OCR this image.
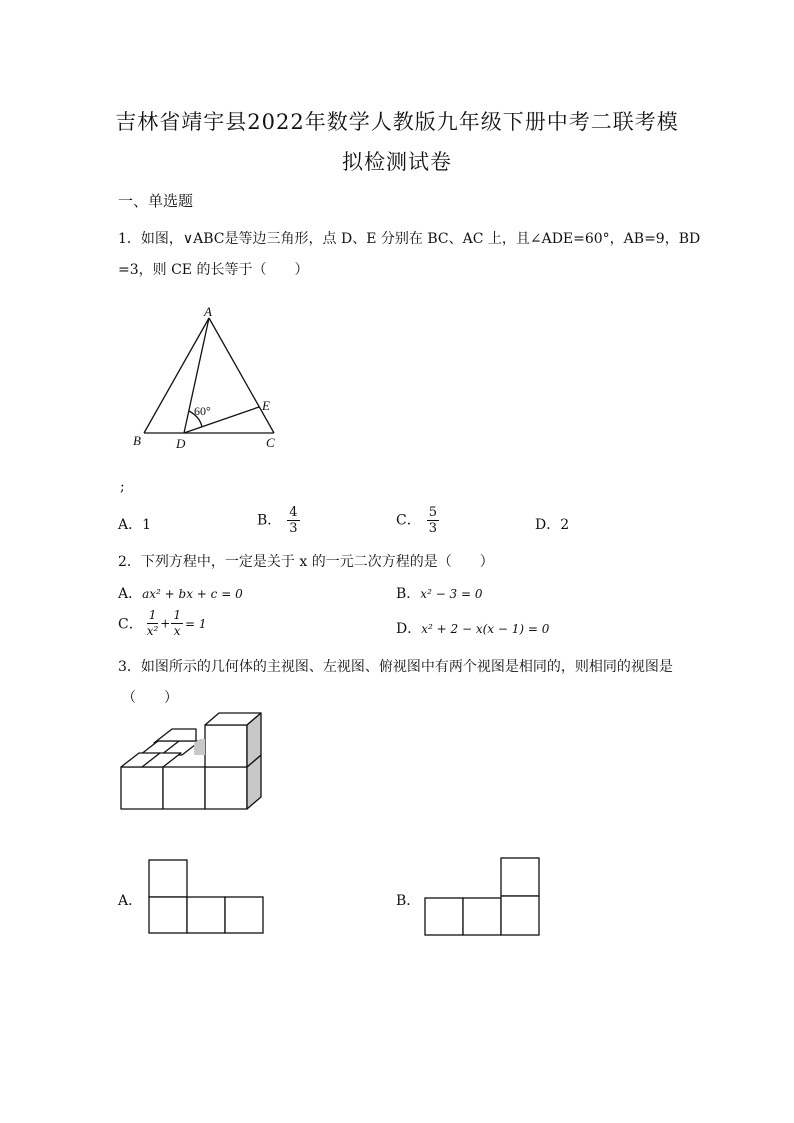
吉林省靖宇县2022年数学人教版九年级下册中考二联考模
拟检测试卷
一、单选题
1．如图，∨ABC是等边三角形，点 D、E 分别在 BC、AC 上，且∠ADE=60°，AB=9，BD
=3，则 CE 的长等于（　　）
A
B	D	C
E
60°
;
A．1	B． $\frac{4}{3}$	C． $\frac{5}{3}$	D．2
2．下列方程中，一定是关于 x 的一元二次方程的是（　　）
A．ax² + bx + c = 0	B．x² − 3 = 0
C． $\frac{1}{\text{x²}} + \frac{1}{x} = 1$	D．x² + 2 − x(x − 1) = 0
3．如图所示的几何体的主视图、左视图、俯视图中有两个视图是相同的，则相同的视图是
（　　）
A．	B．
